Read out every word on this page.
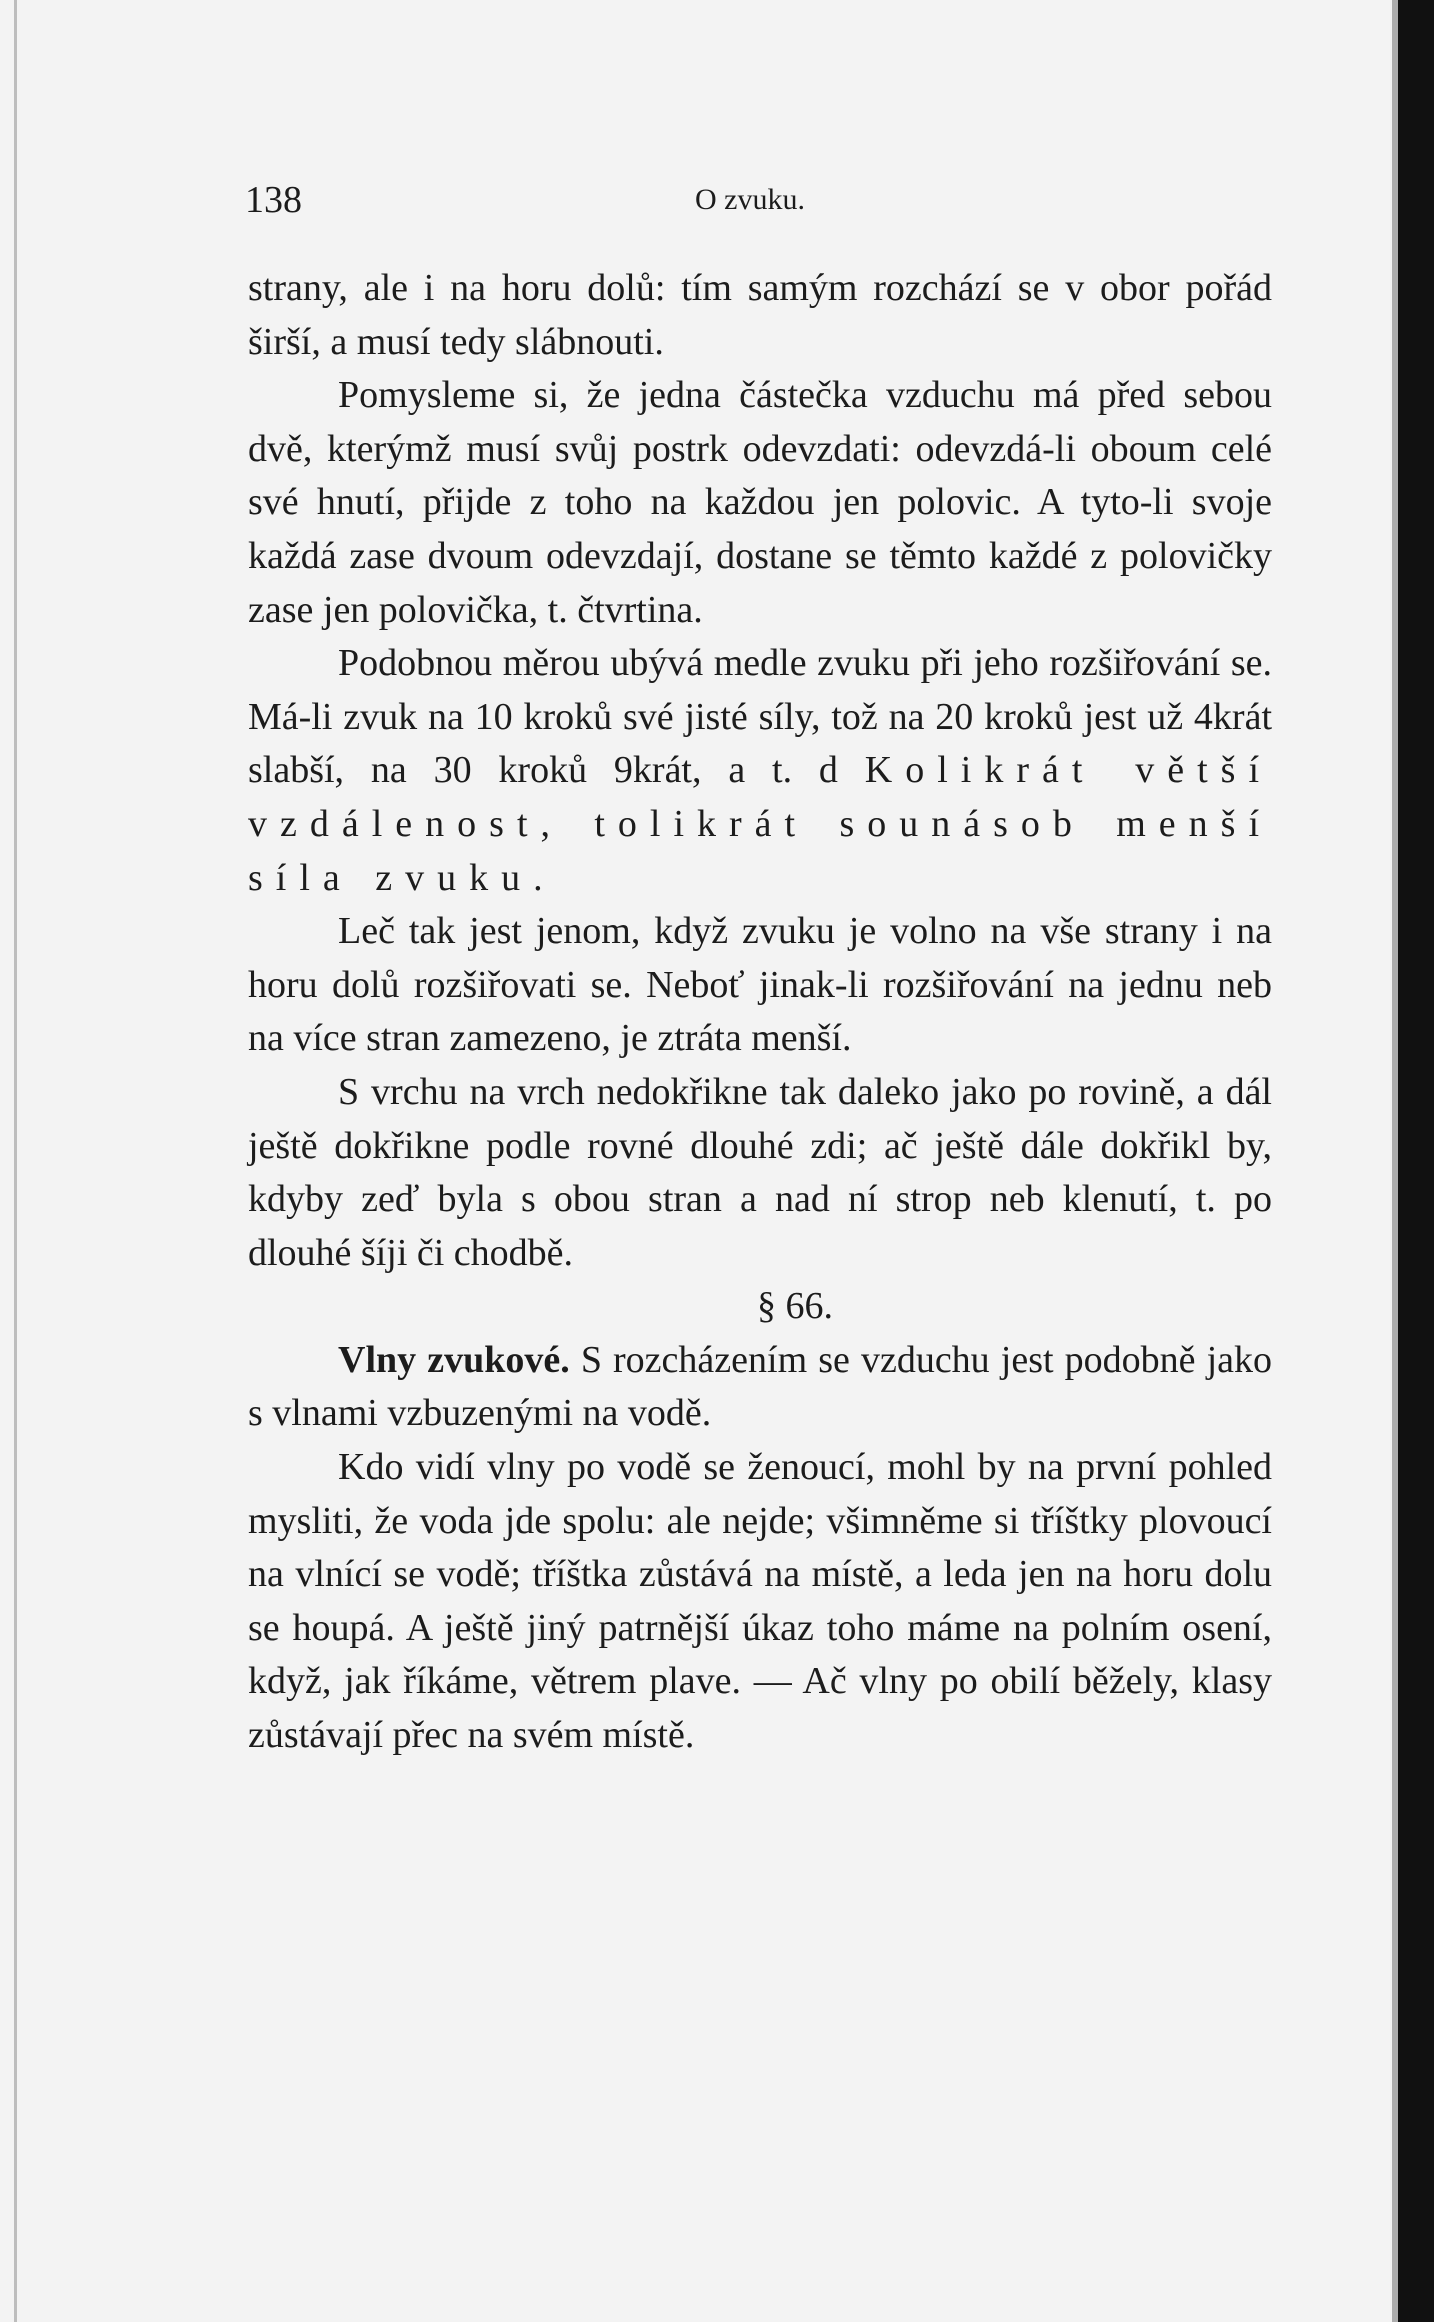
138	O zvuku.

strany, ale i na horu dolů: tím samým rozchází se v obor pořád širší, a musí tedy slábnouti.

Pomysleme si, že jedna částečka vzduchu má před sebou dvě, kterýmž musí svůj postrk odevzdati: odevzdá-li oboum celé své hnutí, přijde z toho na každou jen polovic. A tyto-li svoje každá zase dvoum odevzdají, dostane se těmto každé z polovičky zase jen polovička, t. čtvrtina.

Podobnou měrou ubývá medle zvuku při jeho rozšiřování se. Má-li zvuk na 10 kroků své jisté síly, tož na 20 kroků jest už 4krát slabší, na 30 kroků 9krát, a t. d Kolikrát větší vzdálenost, tolikrát sounásob menší síla zvuku.

Leč tak jest jenom, když zvuku je volno na vše strany i na horu dolů rozšiřovati se. Neboť jinak-li rozšiřování na jednu neb na více stran zamezeno, je ztráta menší.

S vrchu na vrch nedokřikne tak daleko jako po rovině, a dál ještě dokřikne podle rovné dlouhé zdi; ač ještě dále dokřikl by, kdyby zeď byla s obou stran a nad ní strop neb klenutí, t. po dlouhé šíji či chodbě.

§ 66.

Vlny zvukové. S rozcházením se vzduchu jest podobně jako s vlnami vzbuzenými na vodě.

Kdo vidí vlny po vodě se ženoucí, mohl by na první pohled mysliti, že voda jde spolu: ale nejde; všimněme si tříštky plovoucí na vlnící se vodě; tříštka zůstává na místě, a leda jen na horu dolu se houpá. A ještě jiný patrnější úkaz toho máme na polním osení, když, jak říkáme, větrem plave. — Ač vlny po obilí běžely, klasy zůstávají přec na svém místě.
